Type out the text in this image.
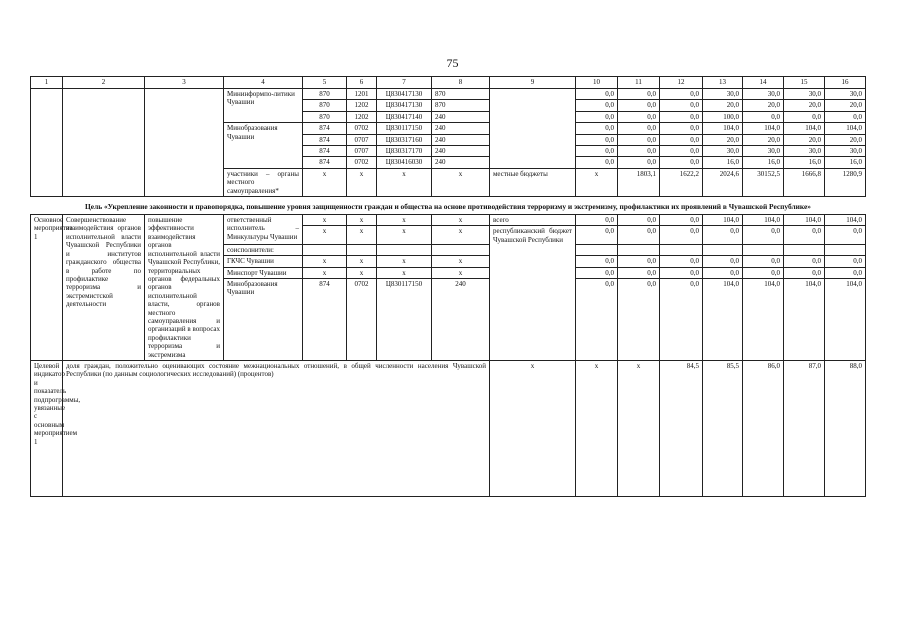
75
1	2	3	4	5	6	7	8	9	10	11	12	13	14	15	16
			Мининформпо-литики Чувашии	870	1201	Ц830417130	870		0,0	0,0	0,0	30,0	30,0	30,0	30,0
				870	1202	Ц830417130	870		0,0	0,0	0,0	20,0	20,0	20,0	20,0
				870	1202	Ц830417140	240		0,0	0,0	0,0	100,0	0,0	0,0	0,0
			Минобразования Чувашии	874	0702	Ц830117150	240		0,0	0,0	0,0	104,0	104,0	104,0	104,0
				874	0707	Ц830317160	240		0,0	0,0	0,0	20,0	20,0	20,0	20,0
				874	0707	Ц830317170	240		0,0	0,0	0,0	30,0	30,0	30,0	30,0
				874	0702	Ц830416030	240		0,0	0,0	0,0	16,0	16,0	16,0	16,0
			участники – органы местного самоуправления*	x	x	x	x	местные бюджеты	x	1803,1	1622,2	2024,6	30152,5	1666,8	1280,9
Цель «Укрепление законности и правопорядка, повышение уровня защищенности граждан и общества на основе противодействия терроризму и экстремизму, профилактики их проявлений в Чувашской Республике»															
Основное мероприятие 1	Совершенствование взаимодействия органов исполнительной власти Чувашской Республики и институтов гражданского общества в работе по профилактике терроризма и экстремистской деятельности	повышение эффективности взаимодействия органов исполнительной власти Чувашской Республики, территориальных органов федеральных органов исполнительной власти, органов местного самоуправления и организаций в вопросах профилактики терроризма и экстремизма	ответственный исполнитель – Минкультуры Чувашии	x	x	x	x	всего	0,0	0,0	0,0	104,0	104,0	104,0	104,0
				x	x	x	x	республиканский бюджет Чувашской Республики	0,0	0,0	0,0	0,0	0,0	0,0	0,0
			соисполнители:												
			ГКЧС Чувашии	x	x	x	x		0,0	0,0	0,0	0,0	0,0	0,0	0,0
			Минспорт Чувашии	x	x	x	x		0,0	0,0	0,0	0,0	0,0	0,0	0,0
			Минобразования Чувашии	874	0702	Ц830117150	240		0,0	0,0	0,0	104,0	104,0	104,0	104,0
Целевой индикатор и показатель подпрограммы, увязанные с основным мероприятием 1	доля граждан, положительно оценивающих состояние межнациональных отношений, в общей численности населения Чувашской Республики (по данным социологических исследований) (процентов)							x	x	x	84,5	85,5	86,0	87,0	88,0
